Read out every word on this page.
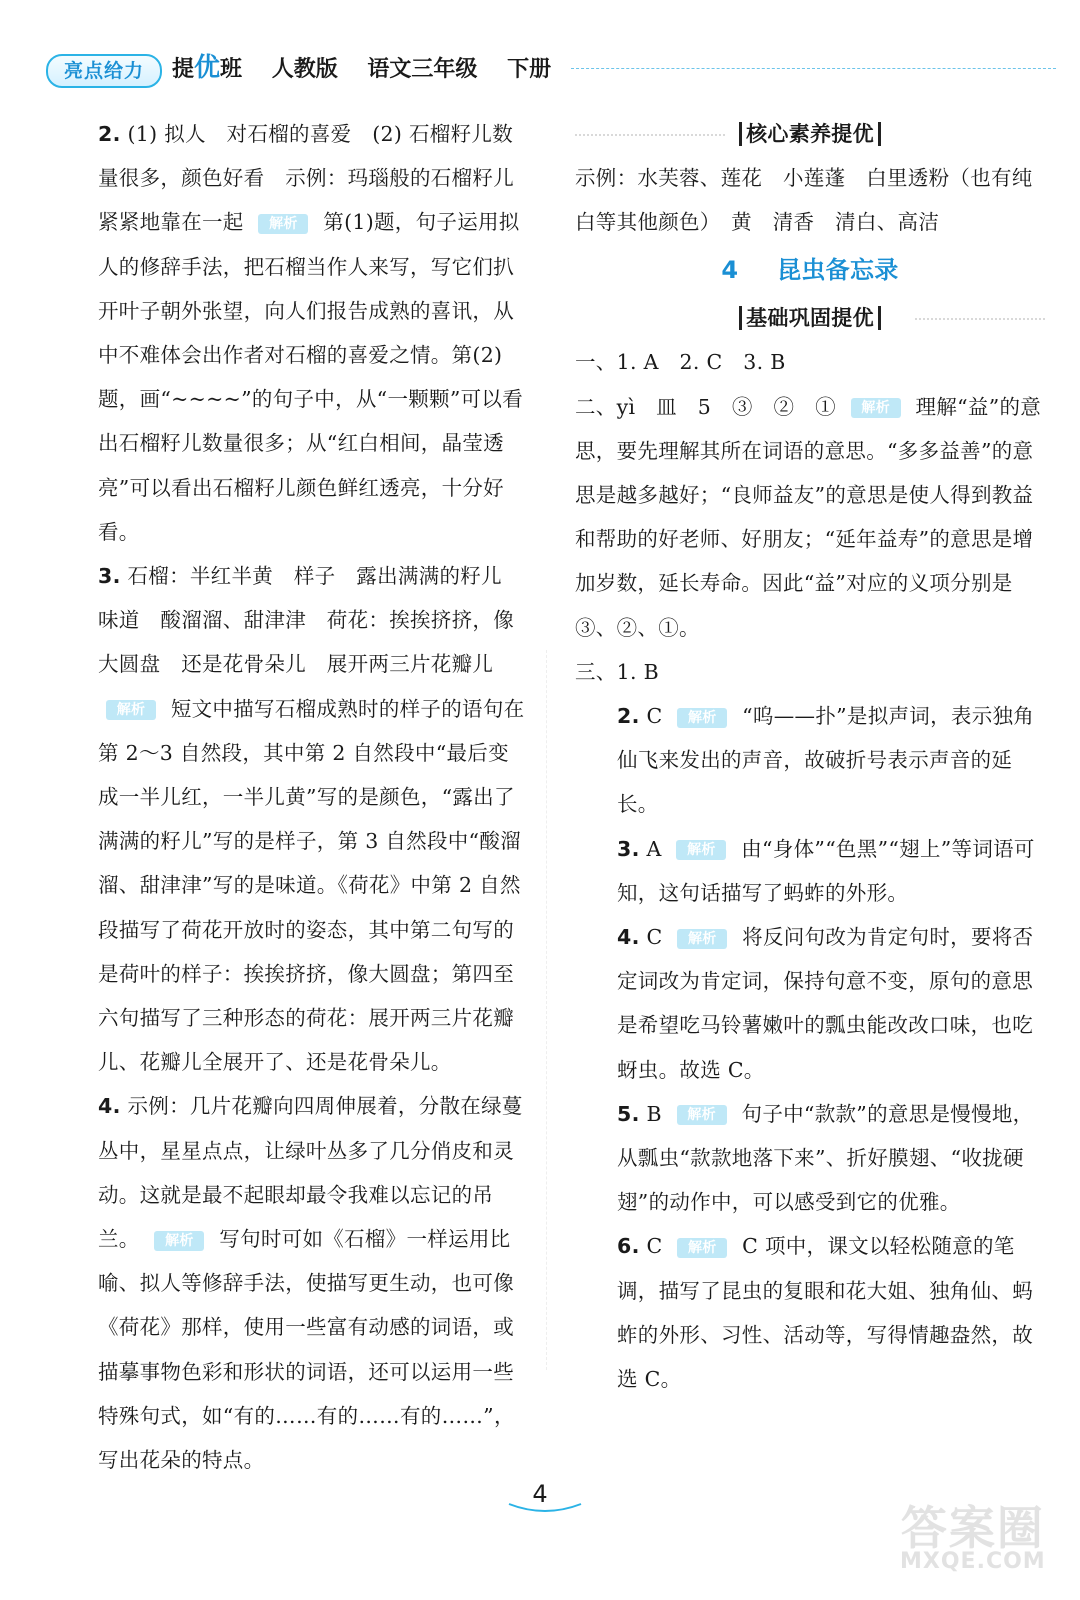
亮点给力	提优班 人教版 语文三年级 下册

2. (1) 拟人　对石榴的喜爱　(2) 石榴籽儿数量很多，颜色好看　示例：玛瑙般的石榴籽儿紧紧地靠在一起 解析 第(1)题，句子运用拟人的修辞手法，把石榴当作人来写，写它们扒开叶子朝外张望，向人们报告成熟的喜讯，从中不难体会出作者对石榴的喜爱之情。第(2)题，画“~~~~”的句子中，从“一颗颗”可以看出石榴籽儿数量很多；从“红白相间，晶莹透亮”可以看出石榴籽儿颜色鲜红透亮，十分好看。

3. 石榴：半红半黄　样子　露出满满的籽儿　味道　酸溜溜、甜津津　荷花：挨挨挤挤，像大圆盘　还是花骨朵儿　展开两三片花瓣儿 解析 短文中描写石榴成熟时的样子的语句在第 2～3 自然段，其中第 2 自然段中“最后变成一半儿红，一半儿黄”写的是颜色，“露出了满满的籽儿”写的是样子，第 3 自然段中“酸溜溜、甜津津”写的是味道。《荷花》中第 2 自然段描写了荷花开放时的姿态，其中第二句写的是荷叶的样子：挨挨挤挤，像大圆盘；第四至六句描写了三种形态的荷花：展开两三片花瓣儿、花瓣儿全展开了、还是花骨朵儿。

4. 示例：几片花瓣向四周伸展着，分散在绿蔓丛中，星星点点，让绿叶丛多了几分俏皮和灵动。这就是最不起眼却最令我难以忘记的吊兰。 解析 写句时可如《石榴》一样运用比喻、拟人等修辞手法，使描写更生动，也可像《荷花》那样，使用一些富有动感的词语，或描摹事物色彩和形状的词语，还可以运用一些特殊句式，如“有的……有的……有的……”，写出花朵的特点。

核心素养提优

示例：水芙蓉、莲花　小莲蓬　白里透粉（也有纯白等其他颜色）　黄　清香　清白、高洁

4 昆虫备忘录
基础巩固提优

一、1. A　2. C　3. B

二、yì　皿　5　③　②　① 解析 理解“益”的意思，要先理解其所在词语的意思。“多多益善”的意思是越多越好；“良师益友”的意思是使人得到教益和帮助的好老师、好朋友；“延年益寿”的意思是增加岁数，延长寿命。因此“益”对应的义项分别是③、②、①。

三、1. B

2. C 解析 “呜——扑”是拟声词，表示独角仙飞来发出的声音，故破折号表示声音的延长。

3. A 解析 由“身体”“色黑”“翅上”等词语可知，这句话描写了蚂蚱的外形。

4. C 解析 将反问句改为肯定句时，要将否定词改为肯定词，保持句意不变，原句的意思是希望吃马铃薯嫩叶的瓢虫能改改口味，也吃蚜虫。故选 C。

5. B 解析 句子中“款款”的意思是慢慢地，从瓢虫“款款地落下来”、折好膜翅、“收拢硬翅”的动作中，可以感受到它的优雅。

6. C 解析 C 项中，课文以轻松随意的笔调，描写了昆虫的复眼和花大姐、独角仙、蚂蚱的外形、习性、活动等，写得情趣盎然，故选 C。

4
答案圈
MXQE.COM
